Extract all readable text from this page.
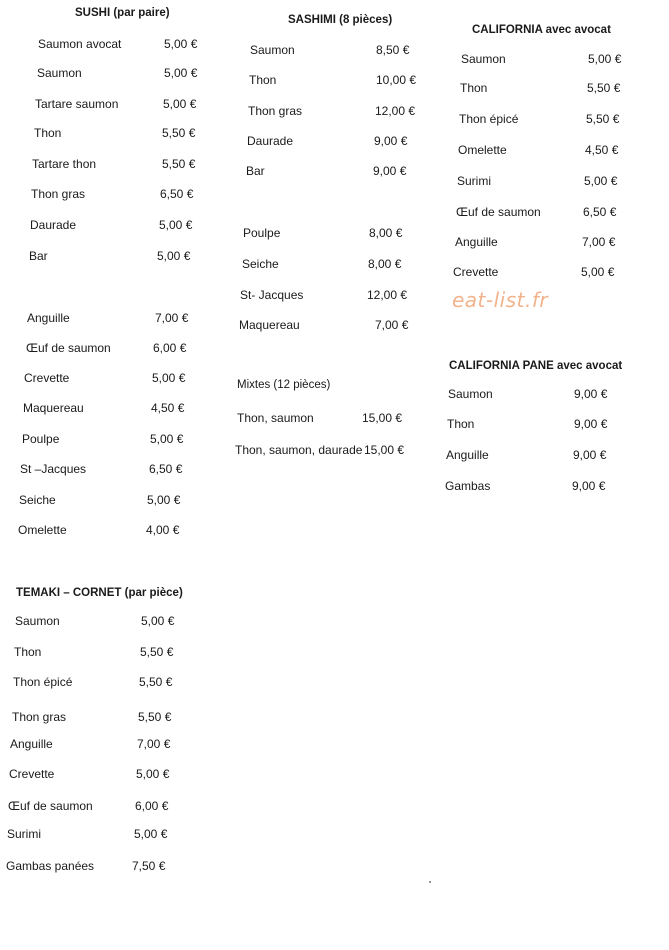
SUSHI (par paire)
Saumon avocat	5,00 €
Saumon	5,00 €
Tartare saumon	5,00 €
Thon	5,50 €
Tartare thon	5,50 €
Thon gras	6,50 €
Daurade	5,00 €
Bar	5,00 €
Anguille	7,00 €
Œuf de saumon	6,00 €
Crevette	5,00 €
Maquereau	4,50 €
Poulpe	5,00 €
St –Jacques	6,50 €
Seiche	5,00 €
Omelette	4,00 €
SASHIMI (8 pièces)
Saumon	8,50 €
Thon	10,00 €
Thon gras	12,00 €
Daurade	9,00 €
Bar	9,00 €
Poulpe	8,00 €
Seiche	8,00 €
St- Jacques	12,00 €
Maquereau	7,00 €
Mixtes (12 pièces)
Thon, saumon	15,00 €
Thon, saumon, daurade 15,00 €
CALIFORNIA avec avocat
Saumon	5,00 €
Thon	5,50 €
Thon épicé	5,50 €
Omelette	4,50 €
Surimi	5,00 €
Œuf de saumon	6,50 €
Anguille	7,00 €
Crevette	5,00 €
eat-list.fr
CALIFORNIA PANE avec avocat
Saumon	9,00 €
Thon	9,00 €
Anguille	9,00 €
Gambas	9,00 €
TEMAKI – CORNET (par pièce)
Saumon	5,00 €
Thon	5,50 €
Thon épicé	5,50 €
Thon gras	5,50 €
Anguille	7,00 €
Crevette	5,00 €
Œuf de saumon	6,00 €
Surimi	5,00 €
Gambas panées	7,50 €
